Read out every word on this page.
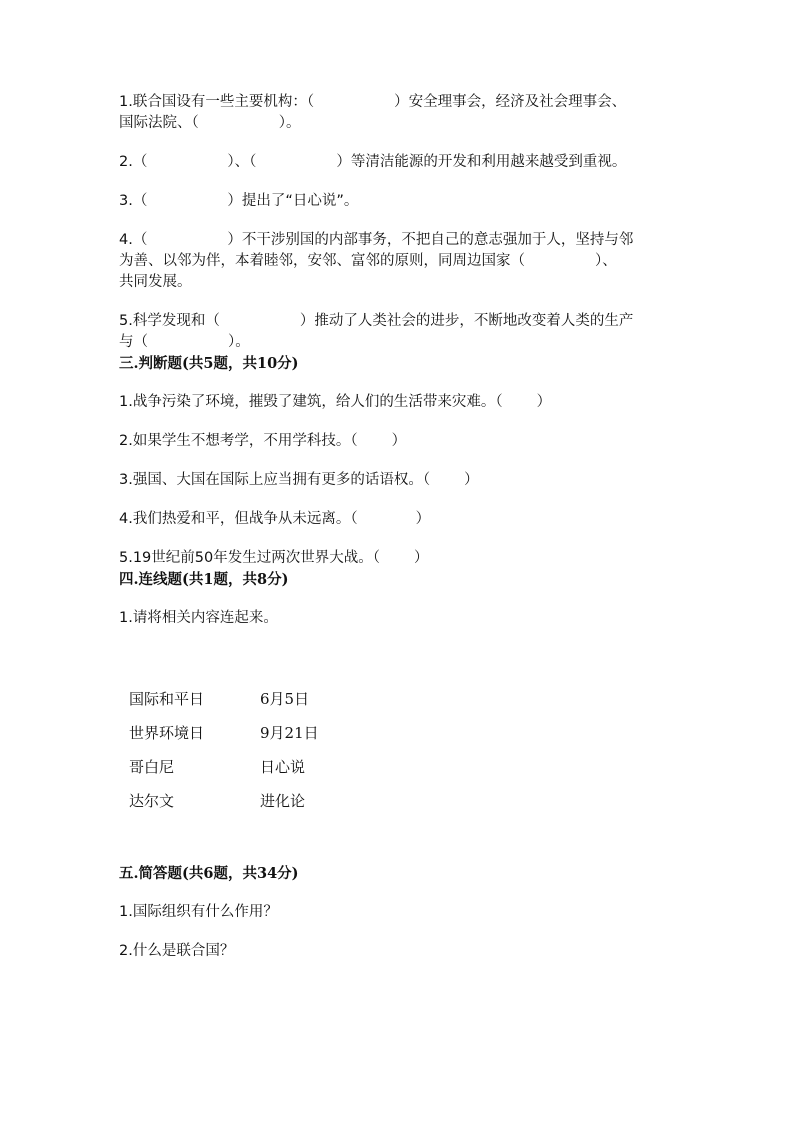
1.联合国设有一些主要机构：（	）安全理事会，经济及社会理事会、
国际法院、（	）。

2.（	）、（	）等清洁能源的开发和利用越来越受到重视。

3.（	）提出了“日心说”。

4.（	）不干涉别国的内部事务，不把自己的意志强加于人，坚持与邻
为善、以邻为伴，本着睦邻，安邻、富邻的原则，同周边国家（	）、
共同发展。

5.科学发现和（	）推动了人类社会的进步，不断地改变着人类的生产
与（	）。

三.判断题(共5题，共10分)

1.战争污染了环境，摧毁了建筑，给人们的生活带来灾难。（ ）

2.如果学生不想考学，不用学科技。（ ）

3.强国、大国在国际上应当拥有更多的话语权。（ ）

4.我们热爱和平，但战争从未远离。（	）

5.19世纪前50年发生过两次世界大战。（ ）

四.连线题(共1题，共8分)

1.请将相关内容连起来。

国际和平日	6月5日
世界环境日	9月21日
哥白尼	日心说
达尔文	进化论

五.简答题(共6题，共34分)

1.国际组织有什么作用？

2.什么是联合国？
